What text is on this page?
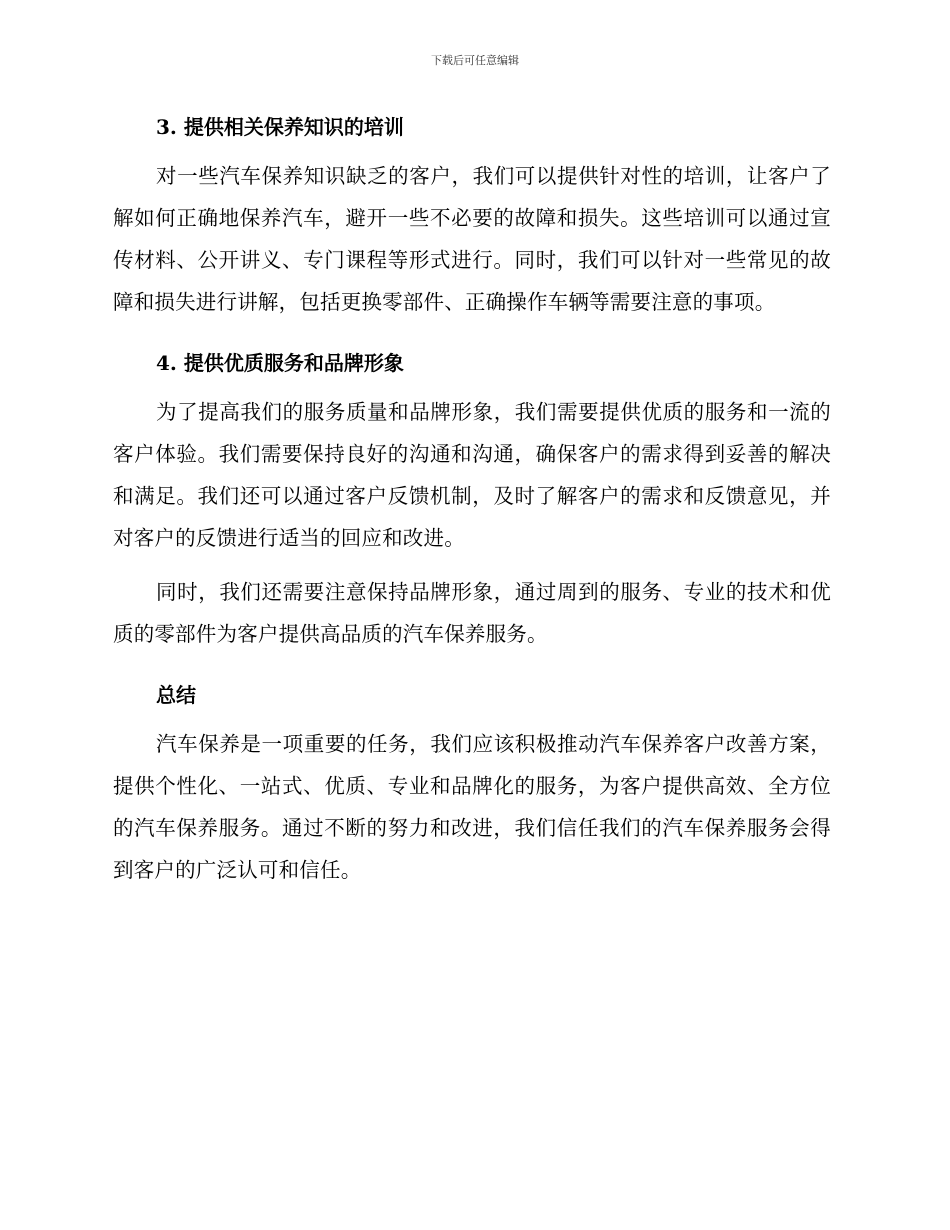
下载后可任意编辑
3. 提供相关保养知识的培训

对一些汽车保养知识缺乏的客户，我们可以提供针对性的培训，让客户了解如何正确地保养汽车，避开一些不必要的故障和损失。这些培训可以通过宣传材料、公开讲义、专门课程等形式进行。同时，我们可以针对一些常见的故障和损失进行讲解，包括更换零部件、正确操作车辆等需要注意的事项。

4. 提供优质服务和品牌形象

为了提高我们的服务质量和品牌形象，我们需要提供优质的服务和一流的客户体验。我们需要保持良好的沟通和沟通，确保客户的需求得到妥善的解决和满足。我们还可以通过客户反馈机制，及时了解客户的需求和反馈意见，并对客户的反馈进行适当的回应和改进。

同时，我们还需要注意保持品牌形象，通过周到的服务、专业的技术和优质的零部件为客户提供高品质的汽车保养服务。

总结

汽车保养是一项重要的任务，我们应该积极推动汽车保养客户改善方案，提供个性化、一站式、优质、专业和品牌化的服务，为客户提供高效、全方位的汽车保养服务。通过不断的努力和改进，我们信任我们的汽车保养服务会得到客户的广泛认可和信任。
